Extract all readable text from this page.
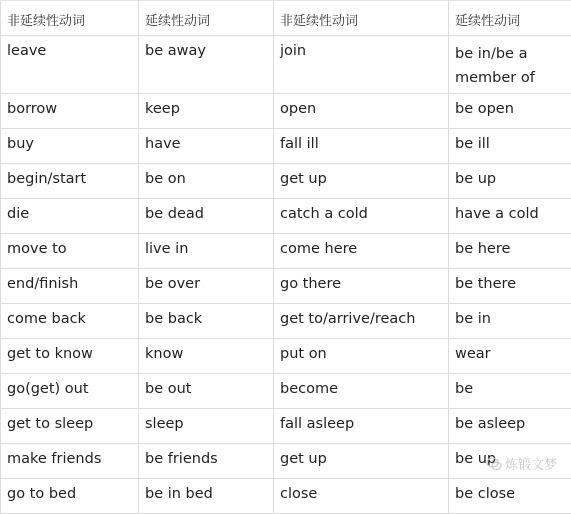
非延续性动词	延续性动词	非延续性动词	延续性动词
leave	be away	join	be in/be a member of
borrow	keep	open	be open
buy	have	fall ill	be ill
begin/start	be on	get up	be up
die	be dead	catch a cold	have a cold
move to	live in	come here	be here
end/finish	be over	go there	be there
come back	be back	get to/arrive/reach	be in
get to know	know	put on	wear
go(get) out	be out	become	be
get to sleep	sleep	fall asleep	be asleep
make friends	be friends	get up	be up
go to bed	be in bed	close	be close
炼锻文梦
